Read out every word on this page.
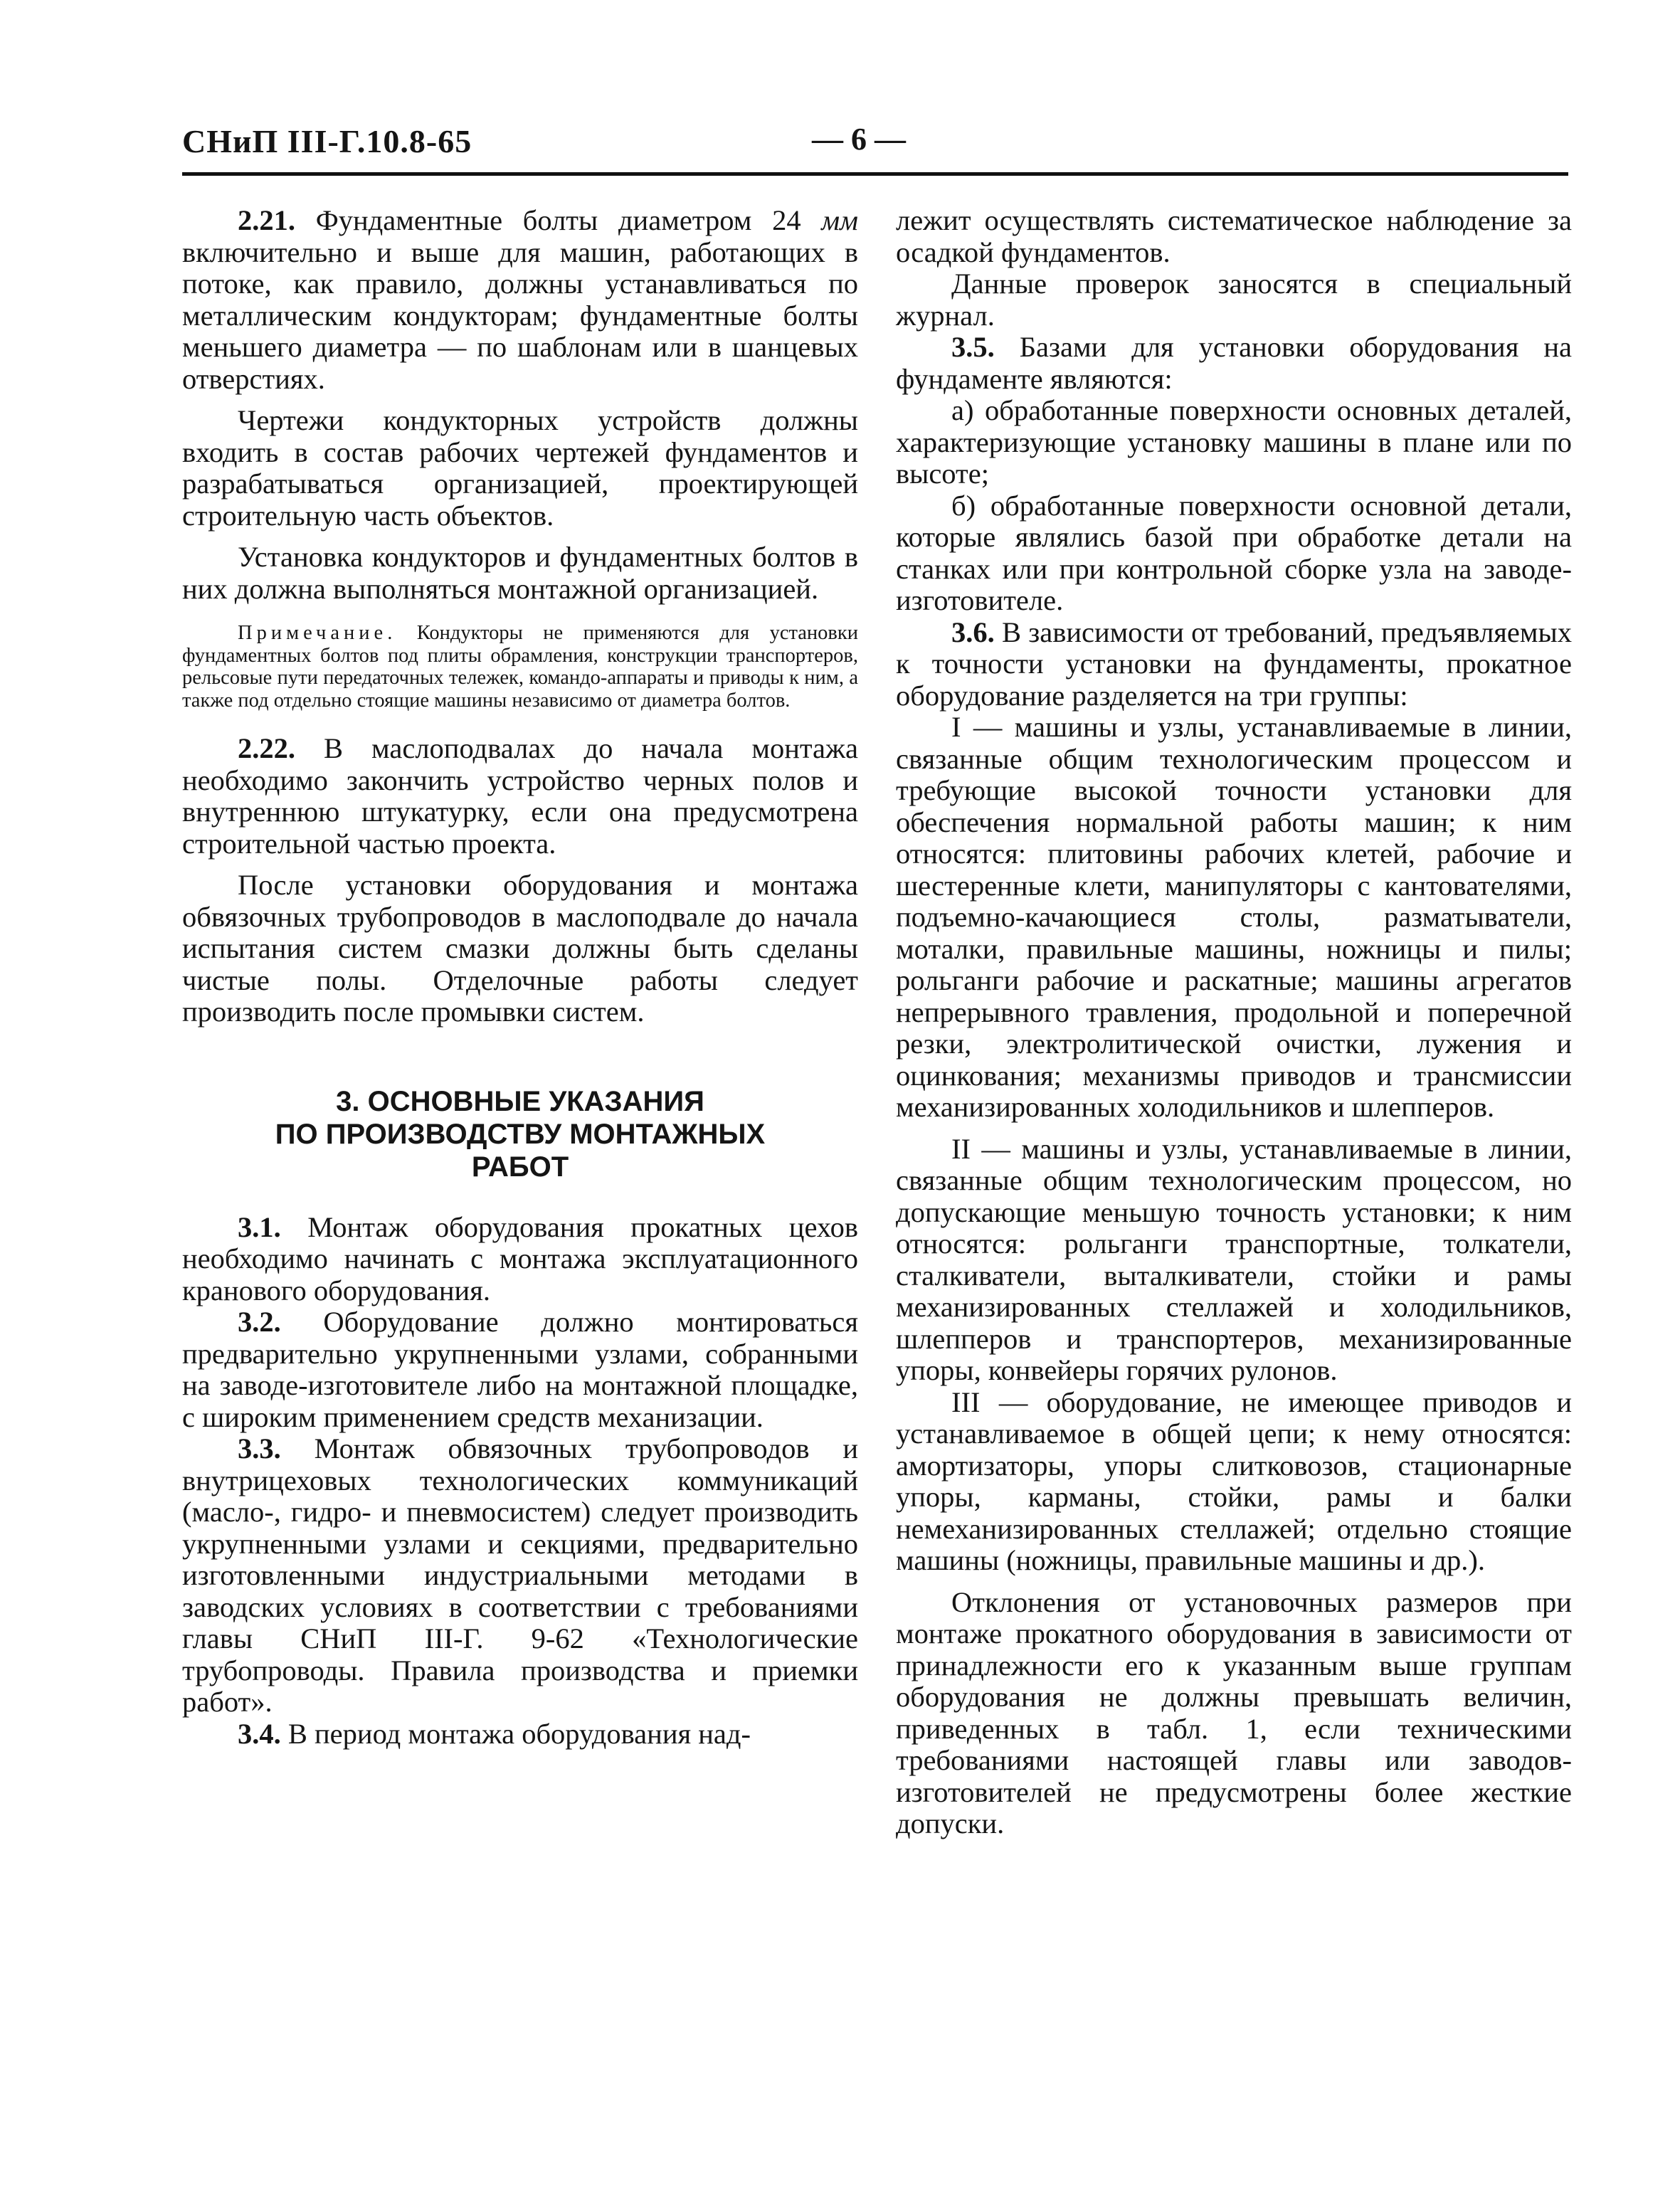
СНиП III-Г.10.8-65	— 6 —

2.21. Фундаментные болты диаметром 24 мм включительно и выше для машин, работающих в потоке, как правило, должны устанавливаться по металлическим кондукторам; фундаментные болты меньшего диаметра — по шаблонам или в шанцевых отверстиях.

Чертежи кондукторных устройств должны входить в состав рабочих чертежей фундаментов и разрабатываться организацией, проектирующей строительную часть объектов.

Установка кондукторов и фундаментных болтов в них должна выполняться монтажной организацией.

Примечание. Кондукторы не применяются для установки фундаментных болтов под плиты обрамления, конструкции транспортеров, рельсовые пути передаточных тележек, командо-аппараты и приводы к ним, а также под отдельно стоящие машины независимо от диаметра болтов.

2.22. В маслоподвалах до начала монтажа необходимо закончить устройство черных полов и внутреннюю штукатурку, если она предусмотрена строительной частью проекта.

После установки оборудования и монтажа обвязочных трубопроводов в маслоподвале до начала испытания систем смазки должны быть сделаны чистые полы. Отделочные работы следует производить после промывки систем.

3. ОСНОВНЫЕ УКАЗАНИЯ
ПО ПРОИЗВОДСТВУ МОНТАЖНЫХ
РАБОТ

3.1. Монтаж оборудования прокатных цехов необходимо начинать с монтажа эксплуатационного кранового оборудования.

3.2. Оборудование должно монтироваться предварительно укрупненными узлами, собранными на заводе-изготовителе либо на монтажной площадке, с широким применением средств механизации.

3.3. Монтаж обвязочных трубопроводов и внутрицеховых технологических коммуникаций (масло-, гидро- и пневмосистем) следует производить укрупненными узлами и секциями, предварительно изготовленными индустриальными методами в заводских условиях в соответствии с требованиями главы СНиП III-Г. 9-62 «Технологические трубопроводы. Правила производства и приемки работ».

3.4. В период монтажа оборудования над-

лежит осуществлять систематическое наблюдение за осадкой фундаментов.

Данные проверок заносятся в специальный журнал.

3.5. Базами для установки оборудования на фундаменте являются:

а) обработанные поверхности основных деталей, характеризующие установку машины в плане или по высоте;

б) обработанные поверхности основной детали, которые являлись базой при обработке детали на станках или при контрольной сборке узла на заводе-изготовителе.

3.6. В зависимости от требований, предъявляемых к точности установки на фундаменты, прокатное оборудование разделяется на три группы:

I — машины и узлы, устанавливаемые в линии, связанные общим технологическим процессом и требующие высокой точности установки для обеспечения нормальной работы машин; к ним относятся: плитовины рабочих клетей, рабочие и шестеренные клети, манипуляторы с кантователями, подъемно-качающиеся столы, разматыватели, моталки, правильные машины, ножницы и пилы; рольганги рабочие и раскатные; машины агрегатов непрерывного травления, продольной и поперечной резки, электролитической очистки, лужения и оцинкования; механизмы приводов и трансмиссии механизированных холодильников и шлепперов.

II — машины и узлы, устанавливаемые в линии, связанные общим технологическим процессом, но допускающие меньшую точность установки; к ним относятся: рольганги транспортные, толкатели, сталкиватели, выталкиватели, стойки и рамы механизированных стеллажей и холодильников, шлепперов и транспортеров, механизированные упоры, конвейеры горячих рулонов.

III — оборудование, не имеющее приводов и устанавливаемое в общей цепи; к нему относятся: амортизаторы, упоры слитковозов, стационарные упоры, карманы, стойки, рамы и балки немеханизированных стеллажей; отдельно стоящие машины (ножницы, правильные машины и др.).

Отклонения от установочных размеров при монтаже прокатного оборудования в зависимости от принадлежности его к указанным выше группам оборудования не должны превышать величин, приведенных в табл. 1, если техническими требованиями настоящей главы или заводов-изготовителей не предусмотрены более жесткие допуски.
